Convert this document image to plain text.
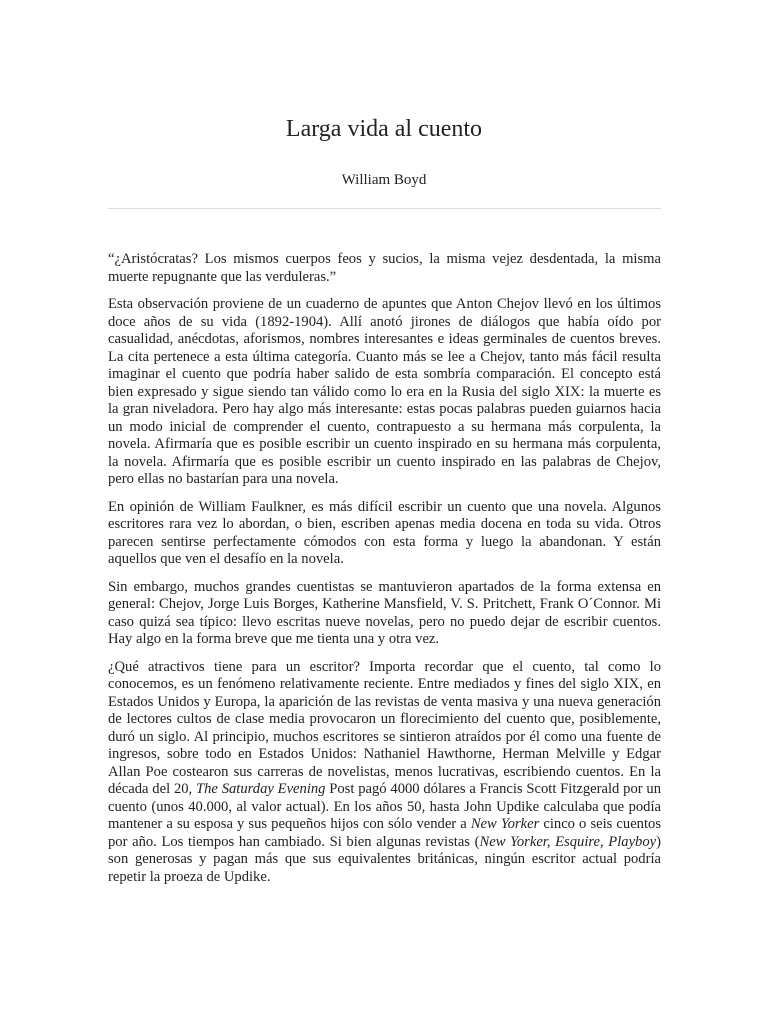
Larga vida al cuento
William Boyd

“¿Aristócratas? Los mismos cuerpos feos y sucios, la misma vejez desdentada, la misma muerte repugnante que las verduleras.”

Esta observación proviene de un cuaderno de apuntes que Anton Chejov llevó en los últimos doce años de su vida (1892-1904). Allí anotó jirones de diálogos que había oído por casualidad, anécdotas, aforismos, nombres interesantes e ideas germinales de cuentos breves. La cita pertenece a esta última categoría. Cuanto más se lee a Chejov, tanto más fácil resulta imaginar el cuento que podría haber salido de esta sombría comparación. El concepto está bien expresado y sigue siendo tan válido como lo era en la Rusia del siglo XIX: la muerte es la gran niveladora. Pero hay algo más interesante: estas pocas palabras pueden guiarnos hacia un modo inicial de comprender el cuento, contrapuesto a su hermana más corpulenta, la novela. Afirmaría que es posible escribir un cuento inspirado en su hermana más corpulenta, la novela. Afirmaría que es posible escribir un cuento inspirado en las palabras de Chejov, pero ellas no bastarían para una novela.

En opinión de William Faulkner, es más difícil escribir un cuento que una novela. Algunos escritores rara vez lo abordan, o bien, escriben apenas media docena en toda su vida. Otros parecen sentirse perfectamente cómodos con esta forma y luego la abandonan. Y están aquellos que ven el desafío en la novela.

Sin embargo, muchos grandes cuentistas se mantuvieron apartados de la forma extensa en general: Chejov, Jorge Luis Borges, Katherine Mansfield, V. S. Pritchett, Frank O´Connor. Mi caso quizá sea típico: llevo escritas nueve novelas, pero no puedo dejar de escribir cuentos. Hay algo en la forma breve que me tienta una y otra vez.

¿Qué atractivos tiene para un escritor? Importa recordar que el cuento, tal como lo conocemos, es un fenómeno relativamente reciente. Entre mediados y fines del siglo XIX, en Estados Unidos y Europa, la aparición de las revistas de venta masiva y una nueva generación de lectores cultos de clase media provocaron un florecimiento del cuento que, posiblemente, duró un siglo. Al principio, muchos escritores se sintieron atraídos por él como una fuente de ingresos, sobre todo en Estados Unidos: Nathaniel Hawthorne, Herman Melville y Edgar Allan Poe costearon sus carreras de novelistas, menos lucrativas, escribiendo cuentos. En la década del 20, The Saturday Evening Post pagó 4000 dólares a Francis Scott Fitzgerald por un cuento (unos 40.000, al valor actual). En los años 50, hasta John Updike calculaba que podía mantener a su esposa y sus pequeños hijos con sólo vender a New Yorker cinco o seis cuentos por año. Los tiempos han cambiado. Si bien algunas revistas (New Yorker, Esquire, Playboy) son generosas y pagan más que sus equivalentes británicas, ningún escritor actual podría repetir la proeza de Updike.
